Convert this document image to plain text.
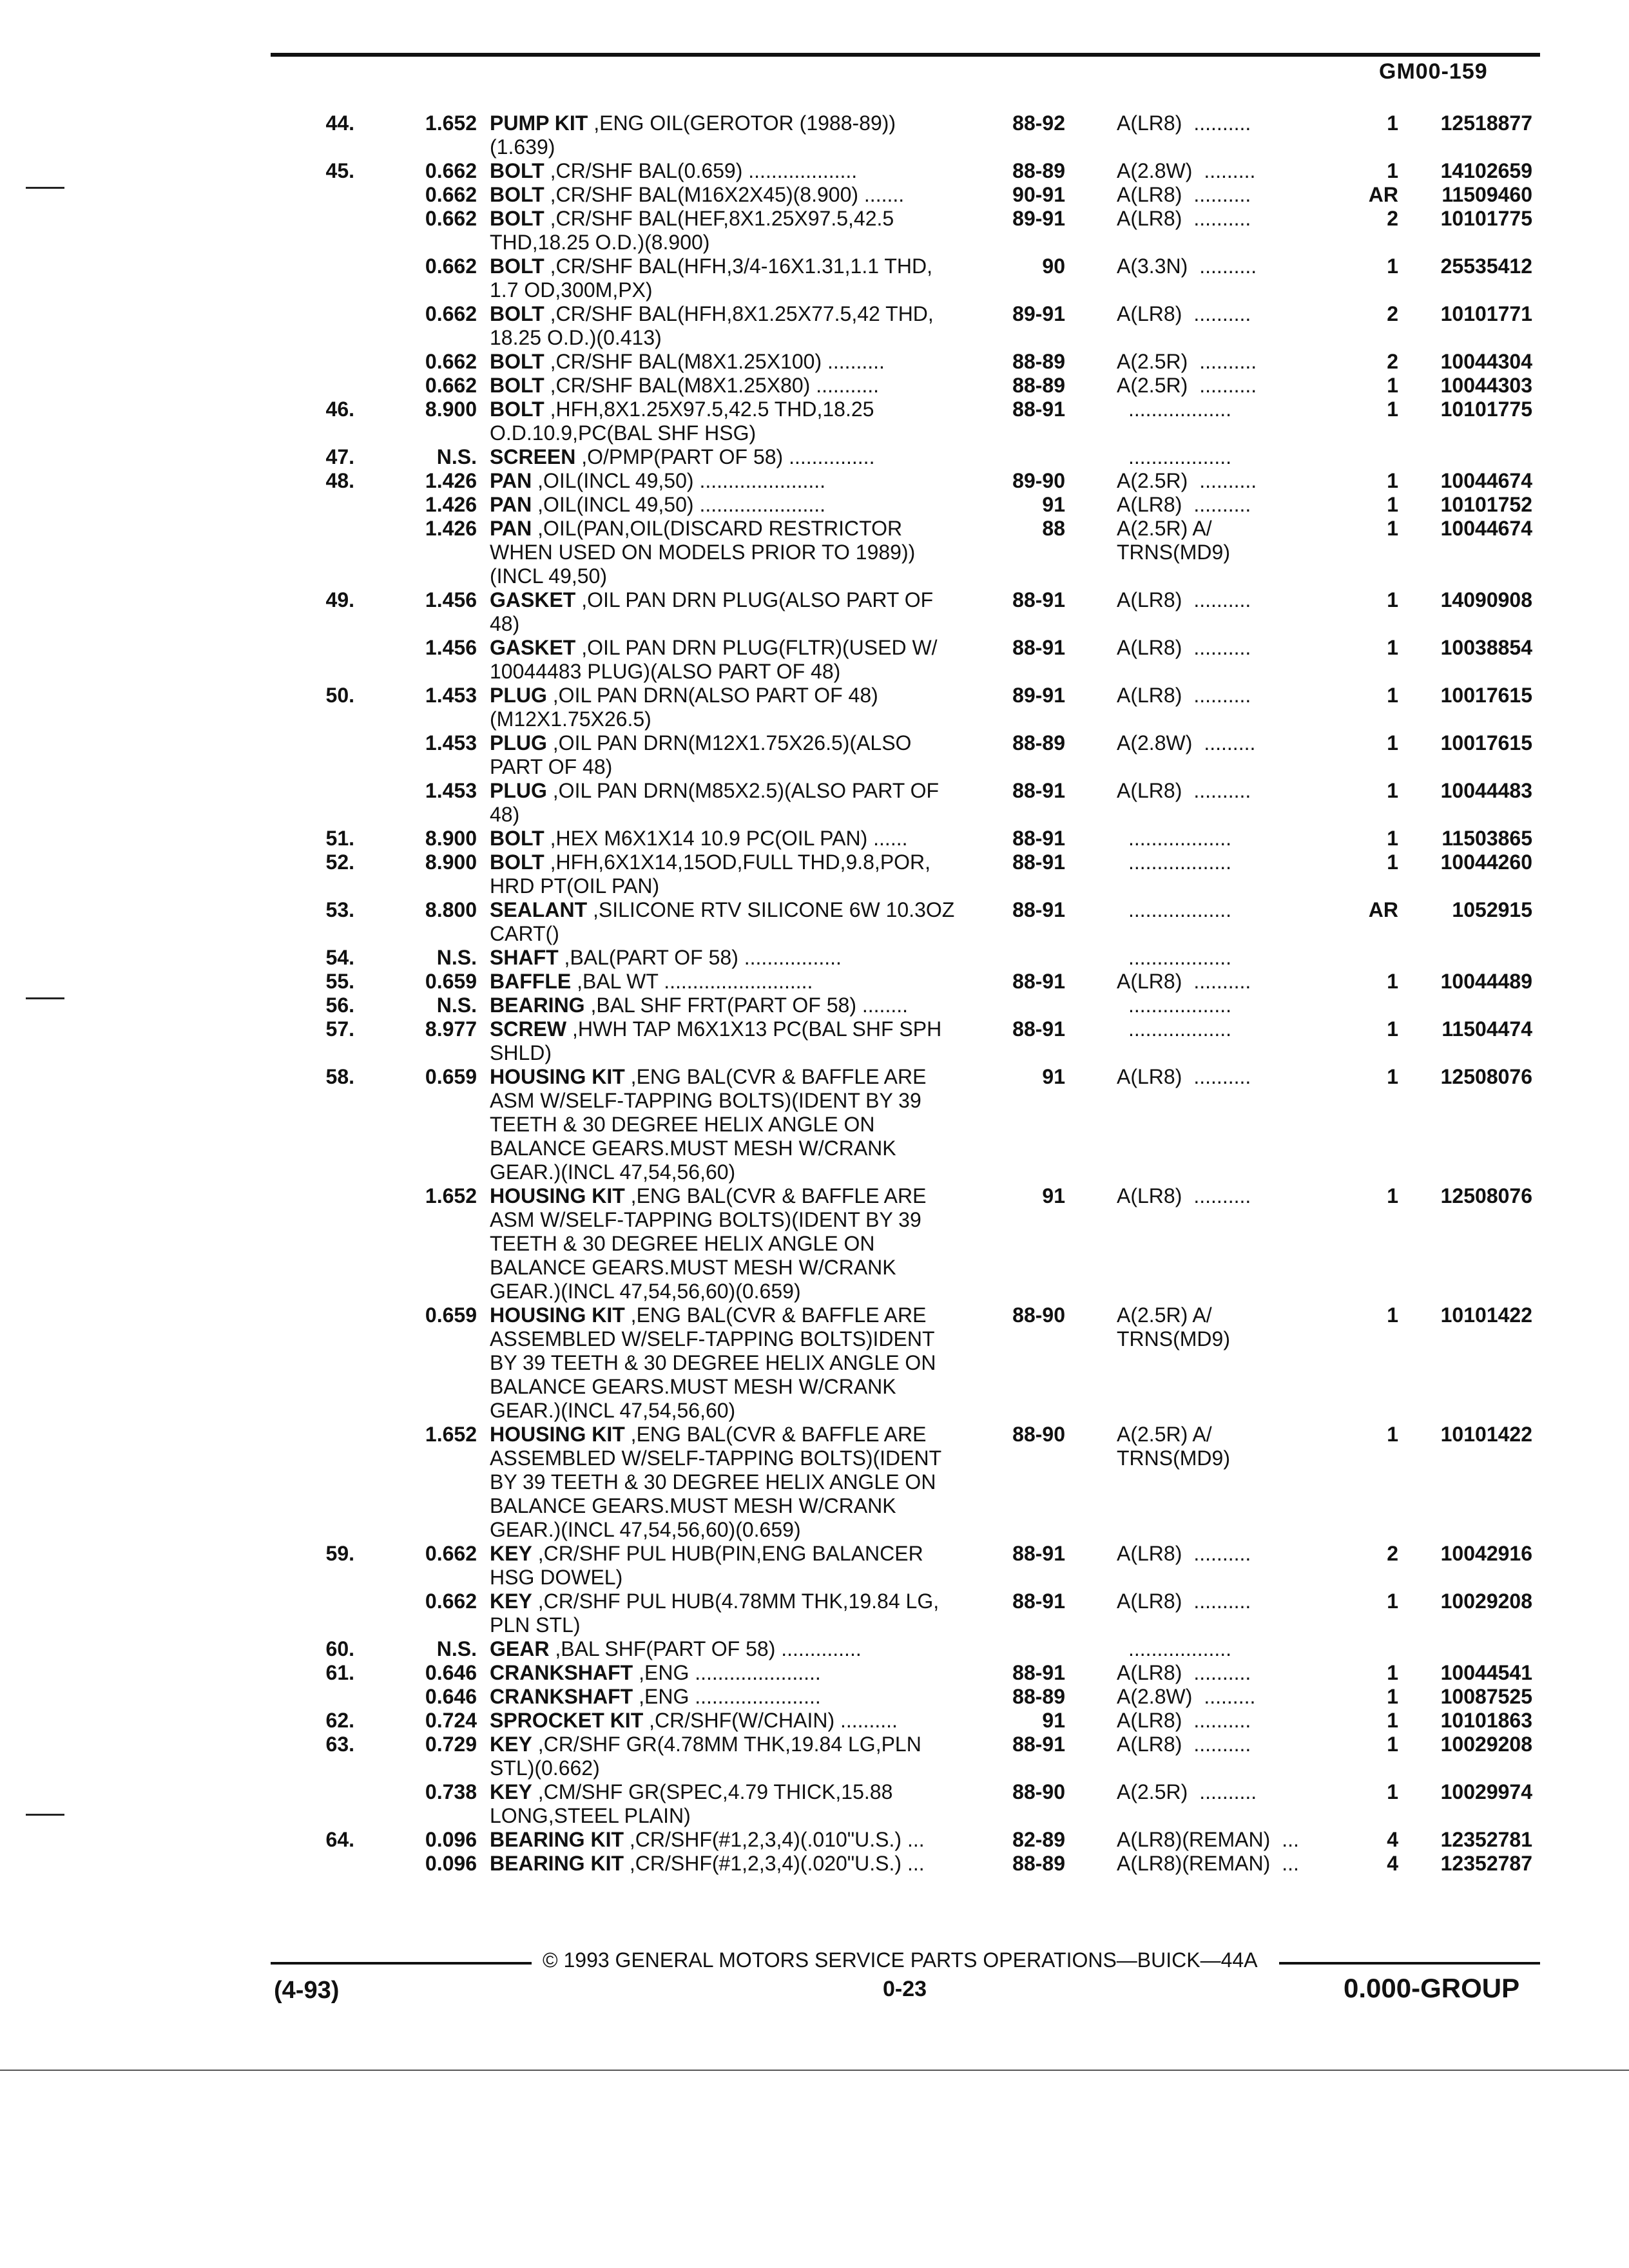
GM00-159
44.	1.652 PUMP KIT ,ENG OIL(GEROTOR (1988-89))	88-92	A(LR8) ..........	1 12518877
(1.639)
45.	0.662 BOLT ,CR/SHF BAL(0.659) ...................	88-89	A(2.8W) .........	1 14102659
0.662 BOLT ,CR/SHF BAL(M16X2X45)(8.900) .......	90-91	A(LR8) ..........	AR 11509460
0.662 BOLT ,CR/SHF BAL(HEF,8X1.25X97.5,42.5	89-91	A(LR8) ..........	2 10101775
THD,18.25 O.D.)(8.900)
0.662 BOLT ,CR/SHF BAL(HFH,3/4-16X1.31,1.1 THD,	90	A(3.3N) ..........	1 25535412
1.7 OD,300M,PX)
0.662 BOLT ,CR/SHF BAL(HFH,8X1.25X77.5,42 THD,	89-91	A(LR8) ..........	2 10101771
18.25 O.D.)(0.413)
0.662 BOLT ,CR/SHF BAL(M8X1.25X100) ..........	88-89	A(2.5R) ..........	2 10044304
0.662 BOLT ,CR/SHF BAL(M8X1.25X80) ...........	88-89	A(2.5R) ..........	1 10044303
46.	8.900 BOLT ,HFH,8X1.25X97.5,42.5 THD,18.25	88-91	..................	1 10101775
O.D.10.9,PC(BAL SHF HSG)
47.	N.S. SCREEN ,O/PMP(PART OF 58) ...............	..................
48.	1.426 PAN ,OIL(INCL 49,50) ......................	89-90	A(2.5R) ..........	1 10044674
1.426 PAN ,OIL(INCL 49,50) ......................	91	A(LR8) ..........	1 10101752
1.426 PAN ,OIL(PAN,OIL(DISCARD RESTRICTOR	88	A(2.5R) A/	1 10044674
WHEN USED ON MODELS PRIOR TO 1989))	TRNS(MD9)
(INCL 49,50)
49.	1.456 GASKET ,OIL PAN DRN PLUG(ALSO PART OF	88-91	A(LR8) ..........	1 14090908
48)
1.456 GASKET ,OIL PAN DRN PLUG(FLTR)(USED W/	88-91	A(LR8) ..........	1 10038854
10044483 PLUG)(ALSO PART OF 48)
50.	1.453 PLUG ,OIL PAN DRN(ALSO PART OF 48)	89-91	A(LR8) ..........	1 10017615
(M12X1.75X26.5)
1.453 PLUG ,OIL PAN DRN(M12X1.75X26.5)(ALSO	88-89	A(2.8W) .........	1 10017615
PART OF 48)
1.453 PLUG ,OIL PAN DRN(M85X2.5)(ALSO PART OF	88-91	A(LR8) ..........	1 10044483
48)
51.	8.900 BOLT ,HEX M6X1X14 10.9 PC(OIL PAN) ......	88-91	..................	1 11503865
52.	8.900 BOLT ,HFH,6X1X14,15OD,FULL THD,9.8,POR,	88-91	..................	1 10044260
HRD PT(OIL PAN)
53.	8.800 SEALANT ,SILICONE RTV SILICONE 6W 10.3OZ	88-91	..................	AR	1052915
CART()
54.	N.S. SHAFT ,BAL(PART OF 58) .................	..................
55.	0.659 BAFFLE ,BAL WT ..........................	88-91	A(LR8) ..........	1 10044489
56.	N.S. BEARING ,BAL SHF FRT(PART OF 58) ........	..................
57.	8.977 SCREW ,HWH TAP M6X1X13 PC(BAL SHF SPH	88-91	..................	1 11504474
SHLD)
58.	0.659 HOUSING KIT ,ENG BAL(CVR & BAFFLE ARE	91	A(LR8) ..........	1 12508076
ASM W/SELF-TAPPING BOLTS)(IDENT BY 39
TEETH & 30 DEGREE HELIX ANGLE ON
BALANCE GEARS.MUST MESH W/CRANK
GEAR.)(INCL 47,54,56,60)
1.652 HOUSING KIT ,ENG BAL(CVR & BAFFLE ARE	91	A(LR8) ..........	1 12508076
ASM W/SELF-TAPPING BOLTS)(IDENT BY 39
TEETH & 30 DEGREE HELIX ANGLE ON
BALANCE GEARS.MUST MESH W/CRANK
GEAR.)(INCL 47,54,56,60)(0.659)
0.659 HOUSING KIT ,ENG BAL(CVR & BAFFLE ARE	88-90	A(2.5R) A/	1 10101422
ASSEMBLED W/SELF-TAPPING BOLTS)IDENT	TRNS(MD9)
BY 39 TEETH & 30 DEGREE HELIX ANGLE ON
BALANCE GEARS.MUST MESH W/CRANK
GEAR.)(INCL 47,54,56,60)
1.652 HOUSING KIT ,ENG BAL(CVR & BAFFLE ARE	88-90	A(2.5R) A/	1 10101422
ASSEMBLED W/SELF-TAPPING BOLTS)(IDENT	TRNS(MD9)
BY 39 TEETH & 30 DEGREE HELIX ANGLE ON
BALANCE GEARS.MUST MESH W/CRANK
GEAR.)(INCL 47,54,56,60)(0.659)
59.	0.662 KEY ,CR/SHF PUL HUB(PIN,ENG BALANCER	88-91	A(LR8) ..........	2 10042916
HSG DOWEL)
0.662 KEY ,CR/SHF PUL HUB(4.78MM THK,19.84 LG,	88-91	A(LR8) ..........	1 10029208
PLN STL)
60.	N.S. GEAR ,BAL SHF(PART OF 58) ..............	..................
61.	0.646 CRANKSHAFT ,ENG ......................	88-91	A(LR8) ..........	1 10044541
0.646 CRANKSHAFT ,ENG ......................	88-89	A(2.8W) .........	1 10087525
62.	0.724 SPROCKET KIT ,CR/SHF(W/CHAIN) ..........	91	A(LR8) ..........	1 10101863
63.	0.729 KEY ,CR/SHF GR(4.78MM THK,19.84 LG,PLN	88-91	A(LR8) ..........	1 10029208
STL)(0.662)
0.738 KEY ,CM/SHF GR(SPEC,4.79 THICK,15.88	88-90	A(2.5R) ..........	1 10029974
LONG,STEEL PLAIN)
64.	0.096 BEARING KIT ,CR/SHF(#1,2,3,4)(.010"U.S.) ...	82-89	A(LR8)(REMAN) ...	4 12352781
0.096 BEARING KIT ,CR/SHF(#1,2,3,4)(.020"U.S.) ...	88-89	A(LR8)(REMAN) ...	4 12352787
© 1993 GENERAL MOTORS SERVICE PARTS OPERATIONS—BUICK—44A
(4-93)	0-23	0.000-GROUP
